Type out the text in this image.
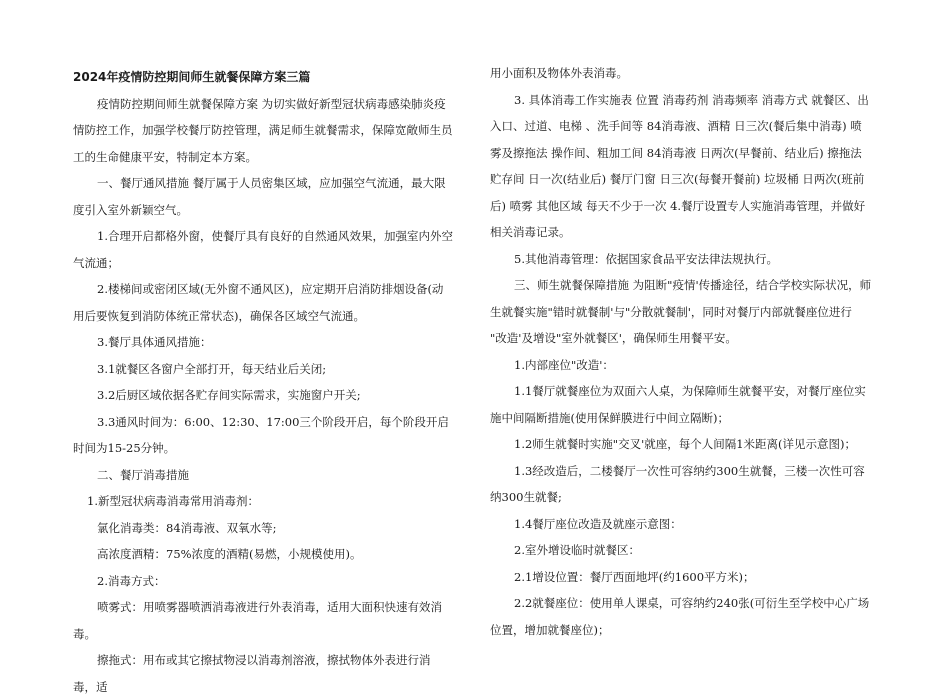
2024年疫情防控期间师生就餐保障方案三篇

疫情防控期间师生就餐保障方案 为切实做好新型冠状病毒感染肺炎疫情防控工作，加强学校餐厅防控管理，满足师生就餐需求，保障宽敞师生员工的生命健康平安，特制定本方案。

一、餐厅通风措施 餐厅属于人员密集区域，应加强空气流通，最大限度引入室外新颖空气。

1.合理开启都格外窗，使餐厅具有良好的自然通风效果，加强室内外空气流通；

2.楼梯间或密闭区域(无外窗不通风区)，应定期开启消防排烟设备(动用后要恢复到消防体统正常状态)，确保各区域空气流通。

3.餐厅具体通风措施：

3.1就餐区各窗户全部打开，每天结业后关闭;

3.2后厨区域依据各贮存间实际需求，实施窗户开关;

3.3通风时间为：6:00、12:30、17:00三个阶段开启，每个阶段开启时间为15-25分钟。

二、餐厅消毒措施

1.新型冠状病毒消毒常用消毒剂：

氯化消毒类：84消毒液、双氧水等;

高浓度酒精：75%浓度的酒精(易燃，小规模使用)。

2.消毒方式：

喷雾式：用喷雾器喷洒消毒液进行外表消毒，适用大面积快速有效消毒。

擦拖式：用布或其它擦拭物浸以消毒剂溶液，擦拭物体外表进行消毒，适

用小面积及物体外表消毒。

3. 具体消毒工作实施表 位置 消毒药剂 消毒频率 消毒方式 就餐区、出入口、过道、电梯 、洗手间等 84消毒液、酒精 日三次(餐后集中消毒) 喷雾及擦拖法 操作间、粗加工间 84消毒液 日两次(早餐前、结业后) 擦拖法 贮存间 日一次(结业后) 餐厅门窗 日三次(每餐开餐前) 垃圾桶 日两次(班前后) 喷雾 其他区域 每天不少于一次 4.餐厅设置专人实施消毒管理，并做好相关消毒记录。

5.其他消毒管理：依据国家食品平安法律法规执行。

三、师生就餐保障措施 为阻断"疫情'传播途径，结合学校实际状况，师生就餐实施"错时就餐制'与"分散就餐制'，同时对餐厅内部就餐座位进行 "改造'及增设"室外就餐区'，确保师生用餐平安。

1.内部座位"改造'：

1.1餐厅就餐座位为双面六人桌，为保障师生就餐平安，对餐厅座位实施中间隔断措施(使用保鲜膜进行中间立隔断)；

1.2师生就餐时实施"交叉'就座，每个人间隔1米距离(详见示意图)；

1.3经改造后，二楼餐厅一次性可容纳约300生就餐，三楼一次性可容纳300生就餐;

1.4餐厅座位改造及就座示意图：

2.室外增设临时就餐区：

2.1增设位置：餐厅西面地坪(约1600平方米)；

2.2就餐座位：使用单人课桌，可容纳约240张(可衍生至学校中心广场位置，增加就餐座位)；
